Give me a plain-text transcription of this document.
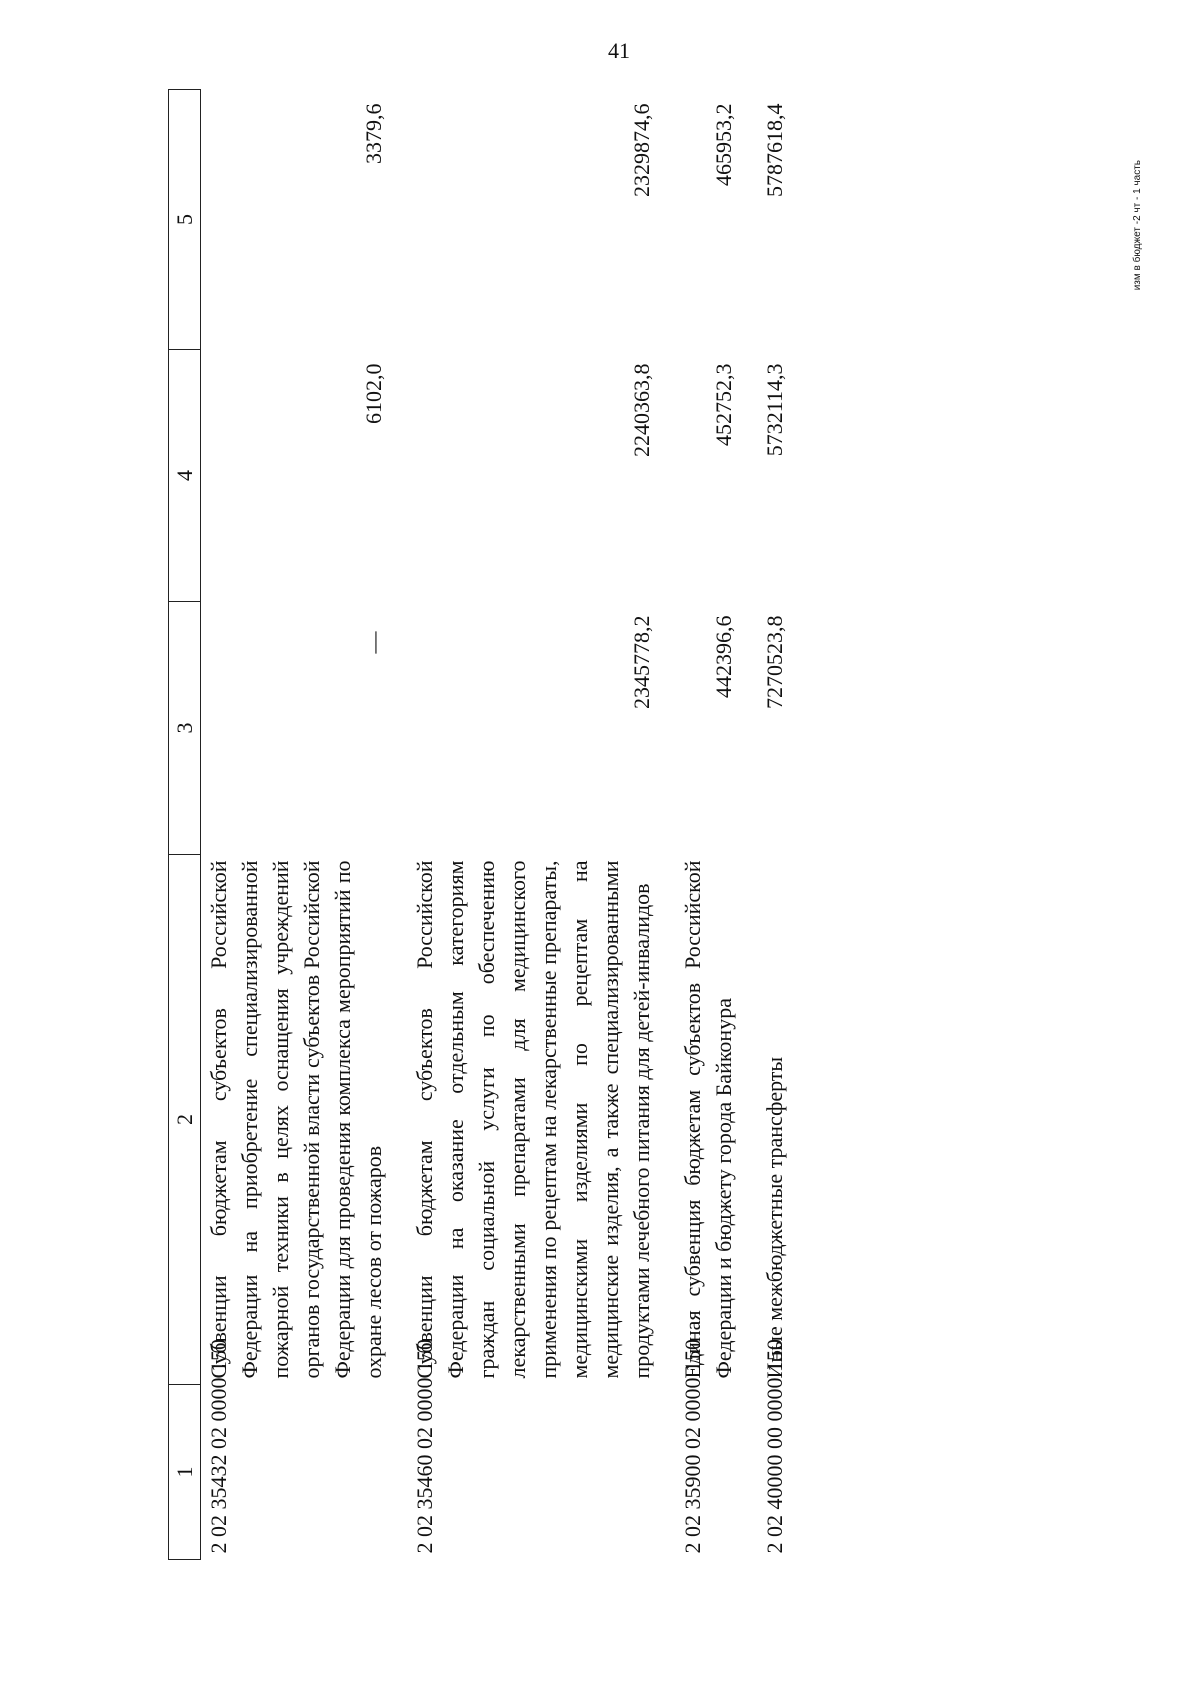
41
изм в бюджет -2 чт - 1 часть
1	2	3	4	5
2 02 35432 02 0000 150	Субвенции бюджетам субъектов Российской Федерации на приобретение специализированной пожарной техники в целях оснащения учреждений органов государственной власти субъектов Российской Федерации для проведения комплекса мероприятий по охране лесов от пожаров	—	6102,0	3379,6

2 02 35460 02 0000 150	Субвенции бюджетам субъектов Российской Федерации на оказание отдельным категориям граждан социальной услуги по обеспечению лекарственными препаратами для медицинского применения по рецептам на лекарственные препараты, медицинскими изделиями по рецептам на медицинские изделия, а также специализированными продуктами лечебного питания для детей-инвалидов	2345778,2	2240363,8	2329874,6

2 02 35900 02 0000 150	Единая субвенция бюджетам субъектов Российской Федерации и бюджету города Байконура	442396,6	452752,3	465953,2

2 02 40000 00 0000 150	Иные межбюджетные трансферты	7270523,8	5732114,3	5787618,4
